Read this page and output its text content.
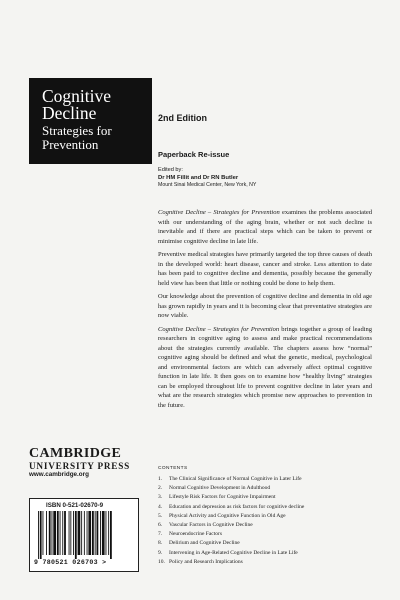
Cognitive
Decline
Strategies for
Prevention
2nd Edition
Paperback Re-issue
Edited by:
Dr HM Fillit and Dr RN Butler
Mount Sinai Medical Center, New York, NY

Cognitive Decline – Strategies for Prevention examines the problems associated with our understanding of the aging brain, whether or not such decline is inevitable and if there are practical steps which can be taken to prevent or minimise cognitive decline in late life.

Preventive medical strategies have primarily targeted the top three causes of death in the developed world: heart disease, cancer and stroke. Less attention to date has been paid to cognitive decline and dementia, possibly because the generally held view has been that little or nothing could be done to help them.

Our knowledge about the prevention of cognitive decline and dementia in old age has grown rapidly in years and it is becoming clear that preventative strategies are now viable.

Cognitive Decline – Strategies for Prevention brings together a group of leading researchers in cognitive aging to assess and make practical recommendations about the strategies currently available. The chapters assess how “normal” cognitive aging should be defined and what the genetic, medical, psychological and environmental factors are which can adversely affect optimal cognitive function in late life. It then goes on to examine how “healthy living” strategies can be employed throughout life to prevent cognitive decline in later years and what are the research strategies which promise new approaches to prevention in the future.

CONTENTS
1.	The Clinical Significance of Normal Cognitive in Later Life
2.	Normal Cognitive Development in Adulthood
3.	Lifestyle Risk Factors for Cognitive Impairment
4.	Education and depression as risk factors for cognitive decline
5.	Physical Activity and Cognitive Function in Old Age
6.	Vascular Factors in Cognitive Decline
7.	Neuroendocrine Factors
8.	Delirium and Cognitive Decline
9.	Intervening in Age-Related Cognitive Decline in Late Life
10. Policy and Research Implications
CAMBRIDGE
UNIVERSITY PRESS
www.cambridge.org
ISBN 0-521-02670-9
9 780521 026703 >
